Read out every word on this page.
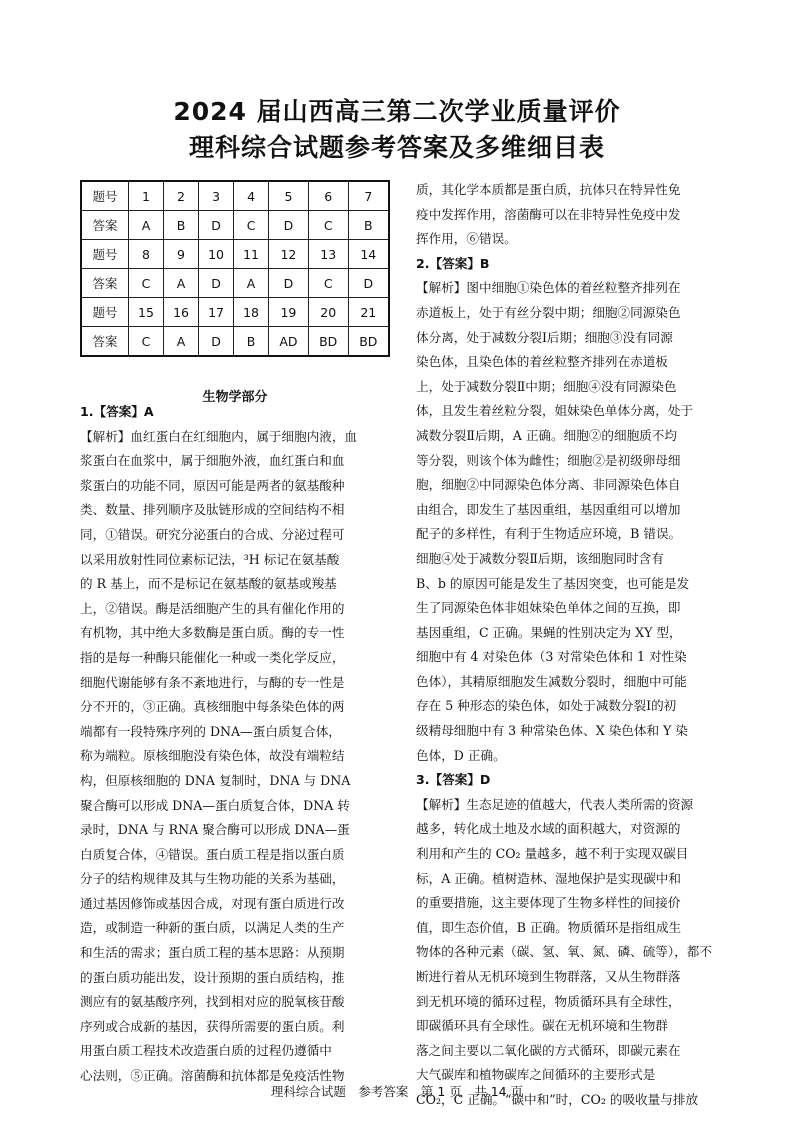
2024 届山西高三第二次学业质量评价
理科综合试题参考答案及多维细目表
题号	1	2	3	4	5	6	7
答案	A	B	D	C	D	C	B
题号	8	9	10	11	12	13	14
答案	C	A	D	A	D	C	D
题号	15	16	17	18	19	20	21
答案	C	A	D	B	AD	BD	BD
生物学部分

1.【答案】A

【解析】血红蛋白在红细胞内，属于细胞内液，血

浆蛋白在血浆中，属于细胞外液，血红蛋白和血

浆蛋白的功能不同，原因可能是两者的氨基酸种

类、数量、排列顺序及肽链形成的空间结构不相

同，①错误。研究分泌蛋白的合成、分泌过程可

以采用放射性同位素标记法，³H 标记在氨基酸

的 R 基上，而不是标记在氨基酸的氨基或羧基

上，②错误。酶是活细胞产生的具有催化作用的

有机物，其中绝大多数酶是蛋白质。酶的专一性

指的是每一种酶只能催化一种或一类化学反应，

细胞代谢能够有条不紊地进行，与酶的专一性是

分不开的，③正确。真核细胞中每条染色体的两

端都有一段特殊序列的 DNA—蛋白质复合体，

称为端粒。原核细胞没有染色体，故没有端粒结

构，但原核细胞的 DNA 复制时，DNA 与 DNA

聚合酶可以形成 DNA—蛋白质复合体，DNA 转

录时，DNA 与 RNA 聚合酶可以形成 DNA—蛋

白质复合体，④错误。蛋白质工程是指以蛋白质

分子的结构规律及其与生物功能的关系为基础，

通过基因修饰或基因合成，对现有蛋白质进行改

造，或制造一种新的蛋白质，以满足人类的生产

和生活的需求；蛋白质工程的基本思路：从预期

的蛋白质功能出发，设计预期的蛋白质结构，推

测应有的氨基酸序列，找到相对应的脱氧核苷酸

序列或合成新的基因，获得所需要的蛋白质。利

用蛋白质工程技术改造蛋白质的过程仍遵循中

心法则，⑤正确。溶菌酶和抗体都是免疫活性物

质，其化学本质都是蛋白质，抗体只在特异性免

疫中发挥作用，溶菌酶可以在非特异性免疫中发

挥作用，⑥错误。

2.【答案】B

【解析】图中细胞①染色体的着丝粒整齐排列在

赤道板上，处于有丝分裂中期；细胞②同源染色

体分离，处于减数分裂Ⅰ后期；细胞③没有同源

染色体，且染色体的着丝粒整齐排列在赤道板

上，处于减数分裂Ⅱ中期；细胞④没有同源染色

体，且发生着丝粒分裂，姐妹染色单体分离，处于

减数分裂Ⅱ后期，A 正确。细胞②的细胞质不均

等分裂，则该个体为雌性；细胞②是初级卵母细

胞，细胞②中同源染色体分离、非同源染色体自

由组合，即发生了基因重组，基因重组可以增加

配子的多样性，有利于生物适应环境，B 错误。

细胞④处于减数分裂Ⅱ后期，该细胞同时含有

B、b 的原因可能是发生了基因突变，也可能是发

生了同源染色体非姐妹染色单体之间的互换，即

基因重组，C 正确。果蝇的性别决定为 XY 型，

细胞中有 4 对染色体（3 对常染色体和 1 对性染

色体），其精原细胞发生减数分裂时，细胞中可能

存在 5 种形态的染色体，如处于减数分裂Ⅰ的初

级精母细胞中有 3 种常染色体、X 染色体和 Y 染

色体，D 正确。

3.【答案】D

【解析】生态足迹的值越大，代表人类所需的资源

越多，转化成土地及水域的面积越大，对资源的

利用和产生的 CO₂ 量越多，越不利于实现双碳目

标，A 正确。植树造林、湿地保护是实现碳中和

的重要措施，这主要体现了生物多样性的间接价

值，即生态价值，B 正确。物质循环是指组成生

物体的各种元素（碳、氢、氧、氮、磷、硫等），都不

断进行着从无机环境到生物群落，又从生物群落

到无机环境的循环过程，物质循环具有全球性，

即碳循环具有全球性。碳在无机环境和生物群

落之间主要以二氧化碳的方式循环，即碳元素在

大气碳库和植物碳库之间循环的主要形式是

CO₂，C 正确。“碳中和”时，CO₂ 的吸收量与排放

理科综合试题　参考答案　第 1 页　共 14 页
